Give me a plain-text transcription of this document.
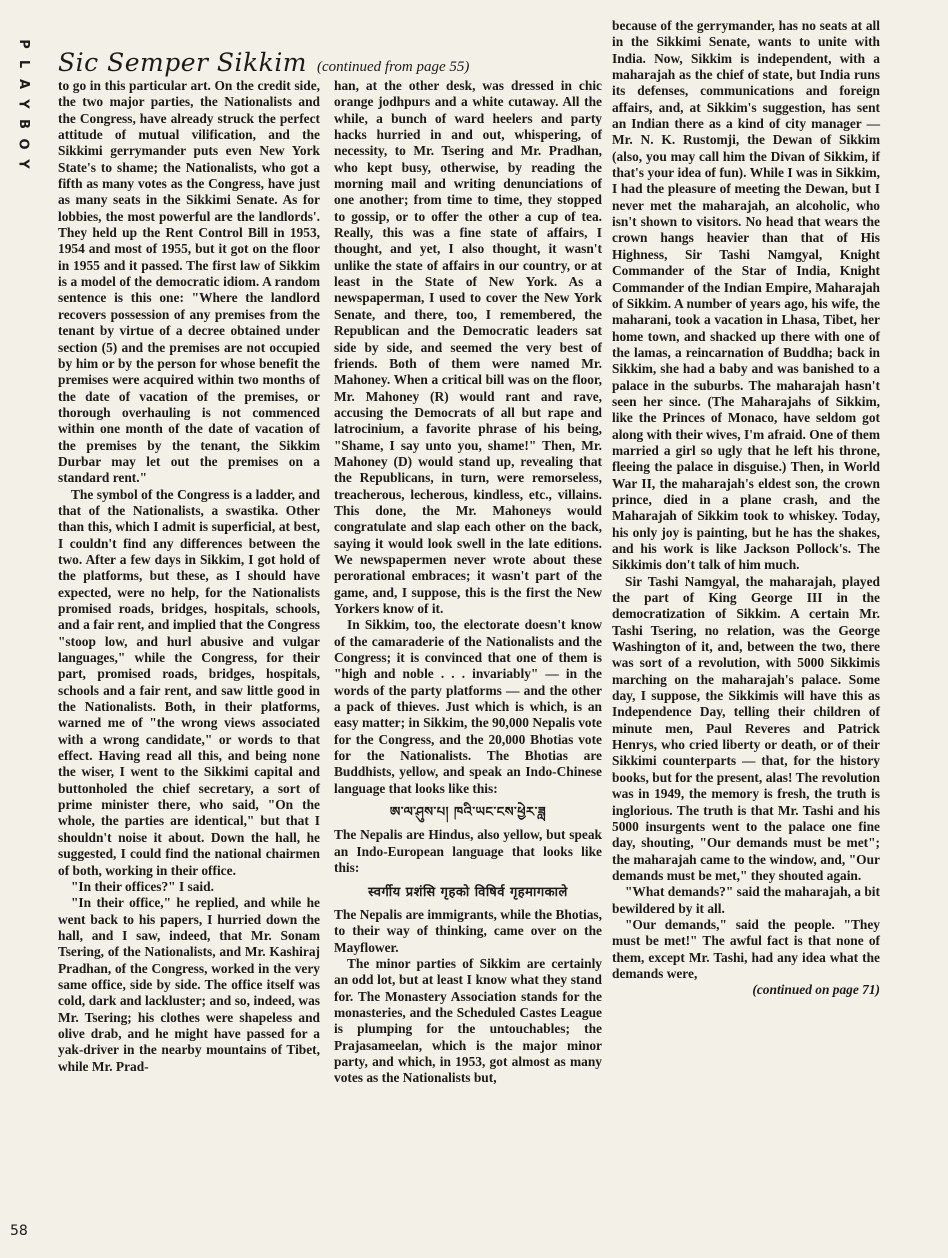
P
L
A
Y
B
O
Y
Sic Semper Sikkim (continued from page 55)

to go in this particular art. On the credit side, the two major parties, the Nationalists and the Congress, have already struck the perfect attitude of mutual vilification, and the Sikkimi gerrymander puts even New York State's to shame; the Nationalists, who got a fifth as many votes as the Congress, have just as many seats in the Sikkimi Senate. As for lobbies, the most powerful are the landlords'. They held up the Rent Control Bill in 1953, 1954 and most of 1955, but it got on the floor in 1955 and it passed. The first law of Sikkim is a model of the democratic idiom. A random sentence is this one: "Where the landlord recovers possession of any premises from the tenant by virtue of a decree obtained under section (5) and the premises are not occupied by him or by the person for whose benefit the premises were acquired within two months of the date of vacation of the premises, or thorough overhauling is not commenced within one month of the date of vacation of the premises by the tenant, the Sikkim Durbar may let out the premises on a standard rent."

The symbol of the Congress is a ladder, and that of the Nationalists, a swastika. Other than this, which I admit is superficial, at best, I couldn't find any differences between the two. After a few days in Sikkim, I got hold of the platforms, but these, as I should have expected, were no help, for the Nationalists promised roads, bridges, hospitals, schools, and a fair rent, and implied that the Congress "stoop low, and hurl abusive and vulgar languages," while the Congress, for their part, promised roads, bridges, hospitals, schools and a fair rent, and saw little good in the Nationalists. Both, in their platforms, warned me of "the wrong views associated with a wrong candidate," or words to that effect. Having read all this, and being none the wiser, I went to the Sikkimi capital and buttonholed the chief secretary, a sort of prime minister there, who said, "On the whole, the parties are identical," but that I shouldn't noise it about. Down the hall, he suggested, I could find the national chairmen of both, working in their office.

"In their offices?" I said.

"In their office," he replied, and while he went back to his papers, I hurried down the hall, and I saw, indeed, that Mr. Sonam Tsering, of the Nationalists, and Mr. Kashiraj Pradhan, of the Congress, worked in the very same office, side by side. The office itself was cold, dark and lackluster; and so, indeed, was Mr. Tsering; his clothes were shapeless and olive drab, and he might have passed for a yak-driver in the nearby mountains of Tibet, while Mr. Prad-

han, at the other desk, was dressed in chic orange jodhpurs and a white cutaway. All the while, a bunch of ward heelers and party hacks hurried in and out, whispering, of necessity, to Mr. Tsering and Mr. Pradhan, who kept busy, otherwise, by reading the morning mail and writing denunciations of one another; from time to time, they stopped to gossip, or to offer the other a cup of tea. Really, this was a fine state of affairs, I thought, and yet, I also thought, it wasn't unlike the state of affairs in our country, or at least in the State of New York. As a newspaperman, I used to cover the New York Senate, and there, too, I remembered, the Republican and the Democratic leaders sat side by side, and seemed the very best of friends. Both of them were named Mr. Mahoney. When a critical bill was on the floor, Mr. Mahoney (R) would rant and rave, accusing the Democrats of all but rape and latrocinium, a favorite phrase of his being, "Shame, I say unto you, shame!" Then, Mr. Mahoney (D) would stand up, revealing that the Republicans, in turn, were remorseless, treacherous, lecherous, kindless, etc., villains. This done, the Mr. Mahoneys would congratulate and slap each other on the back, saying it would look swell in the late editions. We newspapermen never wrote about these perorational embraces; it wasn't part of the game, and, I suppose, this is the first the New Yorkers know of it.

In Sikkim, too, the electorate doesn't know of the camaraderie of the Nationalists and the Congress; it is convinced that one of them is "high and noble . . . invariably" — in the words of the party platforms — and the other a pack of thieves. Just which is which, is an easy matter; in Sikkim, the 90,000 Nepalis vote for the Congress, and the 20,000 Bhotias vote for the Nationalists. The Bhotias are Buddhists, yellow, and speak an Indo-Chinese language that looks like this:

ཨ་ལ་ཤུས་པ། ཁའི་ཡང་ངས་ཕྱེར་ཟླ

The Nepalis are Hindus, also yellow, but speak an Indo-European language that looks like this:

स्वर्गीय प्रशंसि गृहको विषिर्व गृहमागकाले

The Nepalis are immigrants, while the Bhotias, to their way of thinking, came over on the Mayflower.

The minor parties of Sikkim are certainly an odd lot, but at least I know what they stand for. The Monastery Association stands for the monasteries, and the Scheduled Castes League is plumping for the untouchables; the Prajasameelan, which is the major minor party, and which, in 1953, got almost as many votes as the Nationalists but,

because of the gerrymander, has no seats at all in the Sikkimi Senate, wants to unite with India. Now, Sikkim is independent, with a maharajah as the chief of state, but India runs its defenses, communications and foreign affairs, and, at Sikkim's suggestion, has sent an Indian there as a kind of city manager — Mr. N. K. Rustomji, the Dewan of Sikkim (also, you may call him the Divan of Sikkim, if that's your idea of fun). While I was in Sikkim, I had the pleasure of meeting the Dewan, but I never met the maharajah, an alcoholic, who isn't shown to visitors. No head that wears the crown hangs heavier than that of His Highness, Sir Tashi Namgyal, Knight Commander of the Star of India, Knight Commander of the Indian Empire, Maharajah of Sikkim. A number of years ago, his wife, the maharani, took a vacation in Lhasa, Tibet, her home town, and shacked up there with one of the lamas, a reincarnation of Buddha; back in Sikkim, she had a baby and was banished to a palace in the suburbs. The maharajah hasn't seen her since. (The Maharajahs of Sikkim, like the Princes of Monaco, have seldom got along with their wives, I'm afraid. One of them married a girl so ugly that he left his throne, fleeing the palace in disguise.) Then, in World War II, the maharajah's eldest son, the crown prince, died in a plane crash, and the Maharajah of Sikkim took to whiskey. Today, his only joy is painting, but he has the shakes, and his work is like Jackson Pollock's. The Sikkimis don't talk of him much.

Sir Tashi Namgyal, the maharajah, played the part of King George III in the democratization of Sikkim. A certain Mr. Tashi Tsering, no relation, was the George Washington of it, and, between the two, there was sort of a revolution, with 5000 Sikkimis marching on the maharajah's palace. Some day, I suppose, the Sikkimis will have this as Independence Day, telling their children of minute men, Paul Reveres and Patrick Henrys, who cried liberty or death, or of their Sikkimi counterparts — that, for the history books, but for the present, alas! The revolution was in 1949, the memory is fresh, the truth is inglorious. The truth is that Mr. Tashi and his 5000 insurgents went to the palace one fine day, shouting, "Our demands must be met"; the maharajah came to the window, and, "Our demands must be met," they shouted again.

"What demands?" said the maharajah, a bit bewildered by it all.

"Our demands," said the people. "They must be met!" The awful fact is that none of them, except Mr. Tashi, had any idea what the demands were,

(continued on page 71)

58
